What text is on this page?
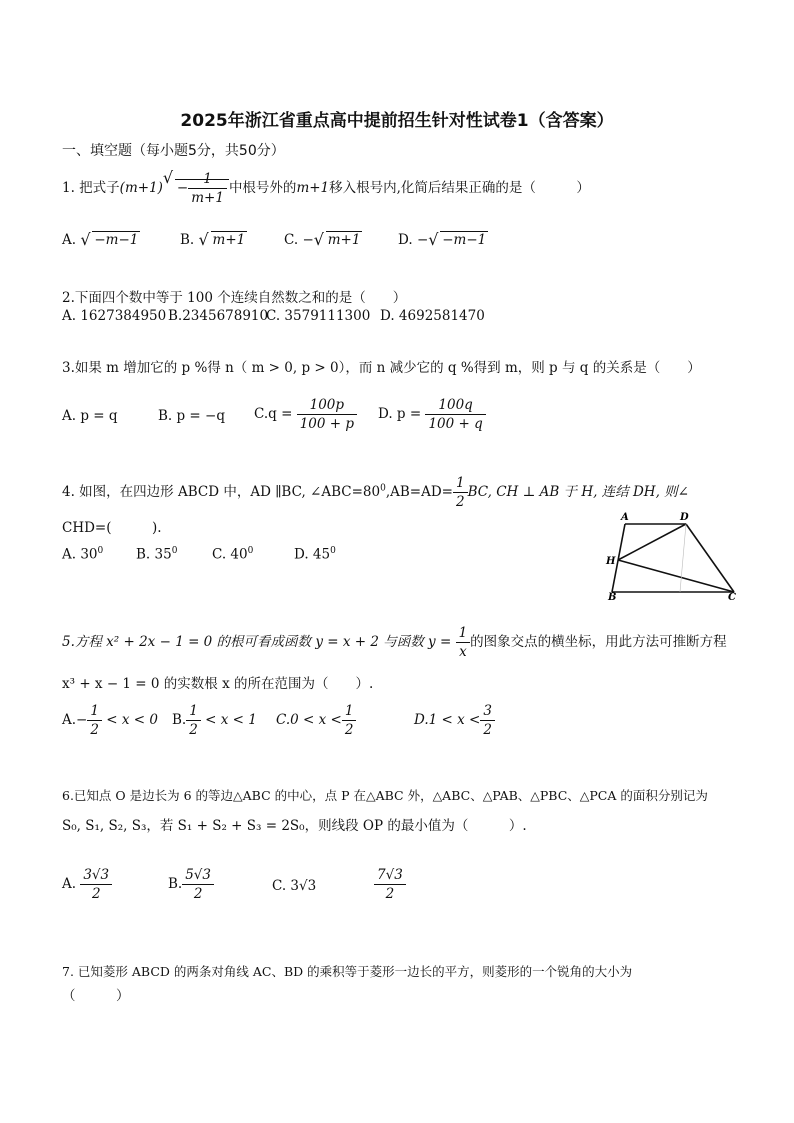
2025年浙江省重点高中提前招生针对性试卷1（含答案）
一、填空题（每小题5分，共50分）
1. 把式子$(m+1)√ - \frac{1}{m+1}$ 中根号外的m+1移入根号内,化简后结果正确的是（　　　）
A. √ −m−1	B. √ m+1	C. −√ m+1	D. −√ −m−1
2.下面四个数中等于 100 个连续自然数之和的是（　　）
A. 1627384950 B.2345678910
C. 3579111300 D. 4692581470
3.如果 m 增加它的 p %得 n（ m > 0, p > 0），而 n 减少它的 q %得到 m，则 p 与 q 的关系是（　　）
A. p = q	B. p = −q $C.q = \frac{100p}{100 + p} D$. $p = \frac{100q}{100 + q}$
4. 如图，在四边形 ABCD 中，AD ∥BC, $\angle ABC=80^0,AB=AD= \frac{1}{2}$ BC, CH ⊥ AB 于 H, 连结 DH, 则∠
CHD=(　　　).
A. $30^0$ B. $35^0$	C. $40^0$	D. $45^0$
A	D
H
B	C
5.方程 x² + 2x − 1 = 0 的根可看成函数 y = x + 2 与函数 $y = \frac{1}{x}$ 的图象交点的横坐标，用此方法可推断方程
x³ + x − 1 = 0 的实数根 x 的所在范围为（　　）.
$A.- \frac{1}{2} < x < 0$ B. $\frac{1}{2} < x < 1$ $C.0 < x < \frac{1}{2}$	$D.1 < x < \frac{3}{2}$
6.已知点 O 是边长为 6 的等边△ABC 的中心，点 P 在△ABC 外，△ABC、△PAB、△PBC、△PCA 的面积分别记为
S₀, S₁, S₂, S₃，若 S₁ + S₂ + S₃ = 2S₀，则线段 OP 的最小值为（　　　）.
A. $\frac{3√3}{2}$	B. $\frac{5√3}{2}$	C. 3√3	$\frac{7√3}{2}$
7. 已知菱形 ABCD 的两条对角线 AC、BD 的乘积等于菱形一边长的平方，则菱形的一个锐角的大小为
（　　　）
